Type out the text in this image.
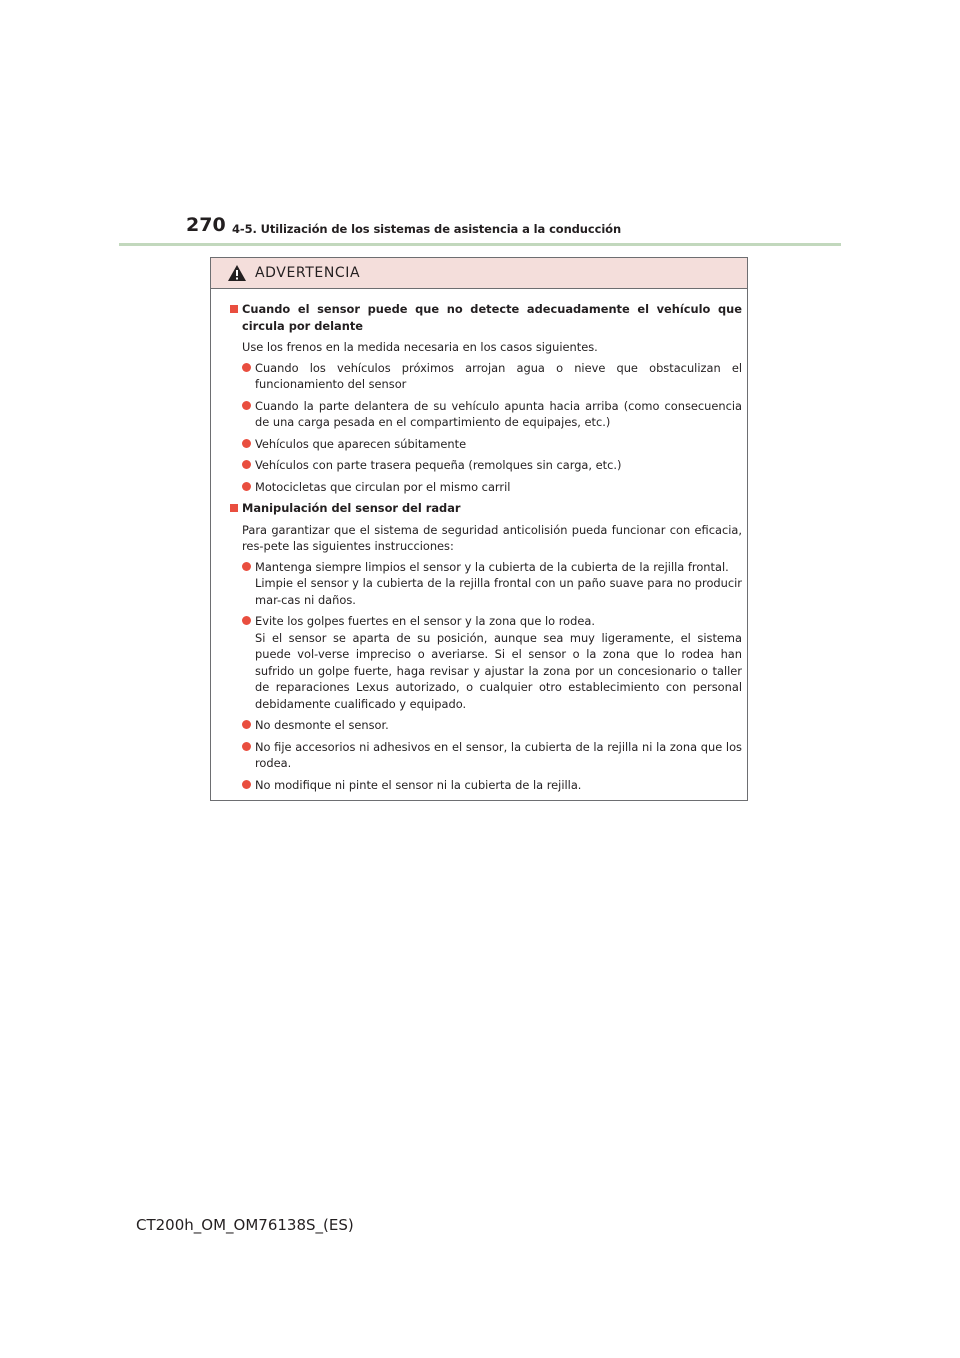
270 4-5. Utilización de los sistemas de asistencia a la conducción
ADVERTENCIA
Cuando el sensor puede que no detecte adecuadamente el vehículo que circula por delante

Use los frenos en la medida necesaria en los casos siguientes.

Cuando los vehículos próximos arrojan agua o nieve que obstaculizan el funcionamiento del sensor
Cuando la parte delantera de su vehículo apunta hacia arriba (como consecuencia de una carga pesada en el compartimiento de equipajes, etc.)
Vehículos que aparecen súbitamente
Vehículos con parte trasera pequeña (remolques sin carga, etc.)
Motocicletas que circulan por el mismo carril
Manipulación del sensor del radar

Para garantizar que el sistema de seguridad anticolisión pueda funcionar con eficacia, res-pete las siguientes instrucciones:

Mantenga siempre limpios el sensor y la cubierta de la cubierta de la rejilla frontal.
Limpie el sensor y la cubierta de la rejilla frontal con un paño suave para no producir mar-cas ni daños.
Evite los golpes fuertes en el sensor y la zona que lo rodea.
Si el sensor se aparta de su posición, aunque sea muy ligeramente, el sistema puede vol-verse impreciso o averiarse. Si el sensor o la zona que lo rodea han sufrido un golpe fuerte, haga revisar y ajustar la zona por un concesionario o taller de reparaciones Lexus autorizado, o cualquier otro establecimiento con personal debidamente cualificado y equipado.
No desmonte el sensor.
No fije accesorios ni adhesivos en el sensor, la cubierta de la rejilla ni la zona que los rodea.
No modifique ni pinte el sensor ni la cubierta de la rejilla.
CT200h_OM_OM76138S_(ES)
